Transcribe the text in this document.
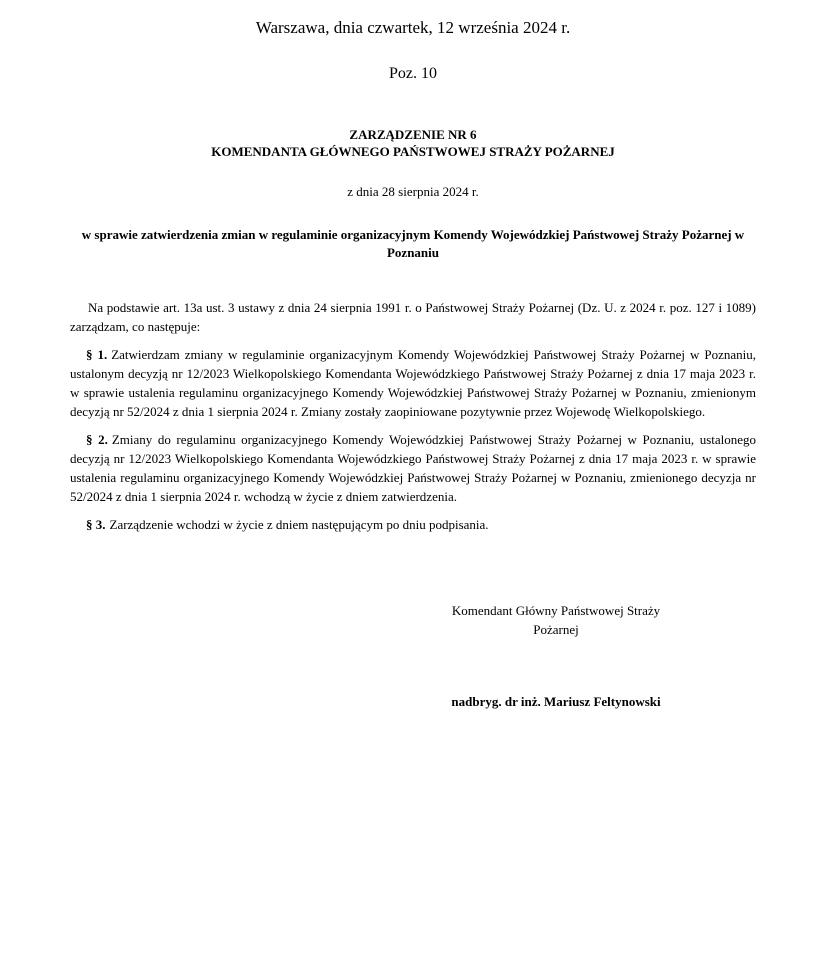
Warszawa, dnia czwartek, 12 września 2024 r.
Poz. 10
ZARZĄDZENIE NR 6
KOMENDANTA GŁÓWNEGO PAŃSTWOWEJ STRAŻY POŻARNEJ
z dnia 28 sierpnia 2024 r.
w sprawie zatwierdzenia zmian w regulaminie organizacyjnym Komendy Wojewódzkiej Państwowej Straży Pożarnej w Poznaniu

Na podstawie art. 13a ust. 3 ustawy z dnia 24 sierpnia 1991 r. o Państwowej Straży Pożarnej (Dz. U. z 2024 r. poz. 127 i 1089) zarządzam, co następuje:

§ 1. Zatwierdzam zmiany w regulaminie organizacyjnym Komendy Wojewódzkiej Państwowej Straży Pożarnej w Poznaniu, ustalonym decyzją nr 12/2023 Wielkopolskiego Komendanta Wojewódzkiego Państwowej Straży Pożarnej z dnia 17 maja 2023 r. w sprawie ustalenia regulaminu organizacyjnego Komendy Wojewódzkiej Państwowej Straży Pożarnej w Poznaniu, zmienionym decyzją nr 52/2024 z dnia 1 sierpnia 2024 r. Zmiany zostały zaopiniowane pozytywnie przez Wojewodę Wielkopolskiego.

§ 2. Zmiany do regulaminu organizacyjnego Komendy Wojewódzkiej Państwowej Straży Pożarnej w Poznaniu, ustalonego decyzją nr 12/2023 Wielkopolskiego Komendanta Wojewódzkiego Państwowej Straży Pożarnej z dnia 17 maja 2023 r. w sprawie ustalenia regulaminu organizacyjnego Komendy Wojewódzkiej Państwowej Straży Pożarnej w Poznaniu, zmienionego decyzja nr 52/2024 z dnia 1 sierpnia 2024 r. wchodzą w życie z dniem zatwierdzenia.

§ 3. Zarządzenie wchodzi w życie z dniem następującym po dniu podpisania.

Komendant Główny Państwowej Straży Pożarnej
nadbryg. dr inż. Mariusz Feltynowski
